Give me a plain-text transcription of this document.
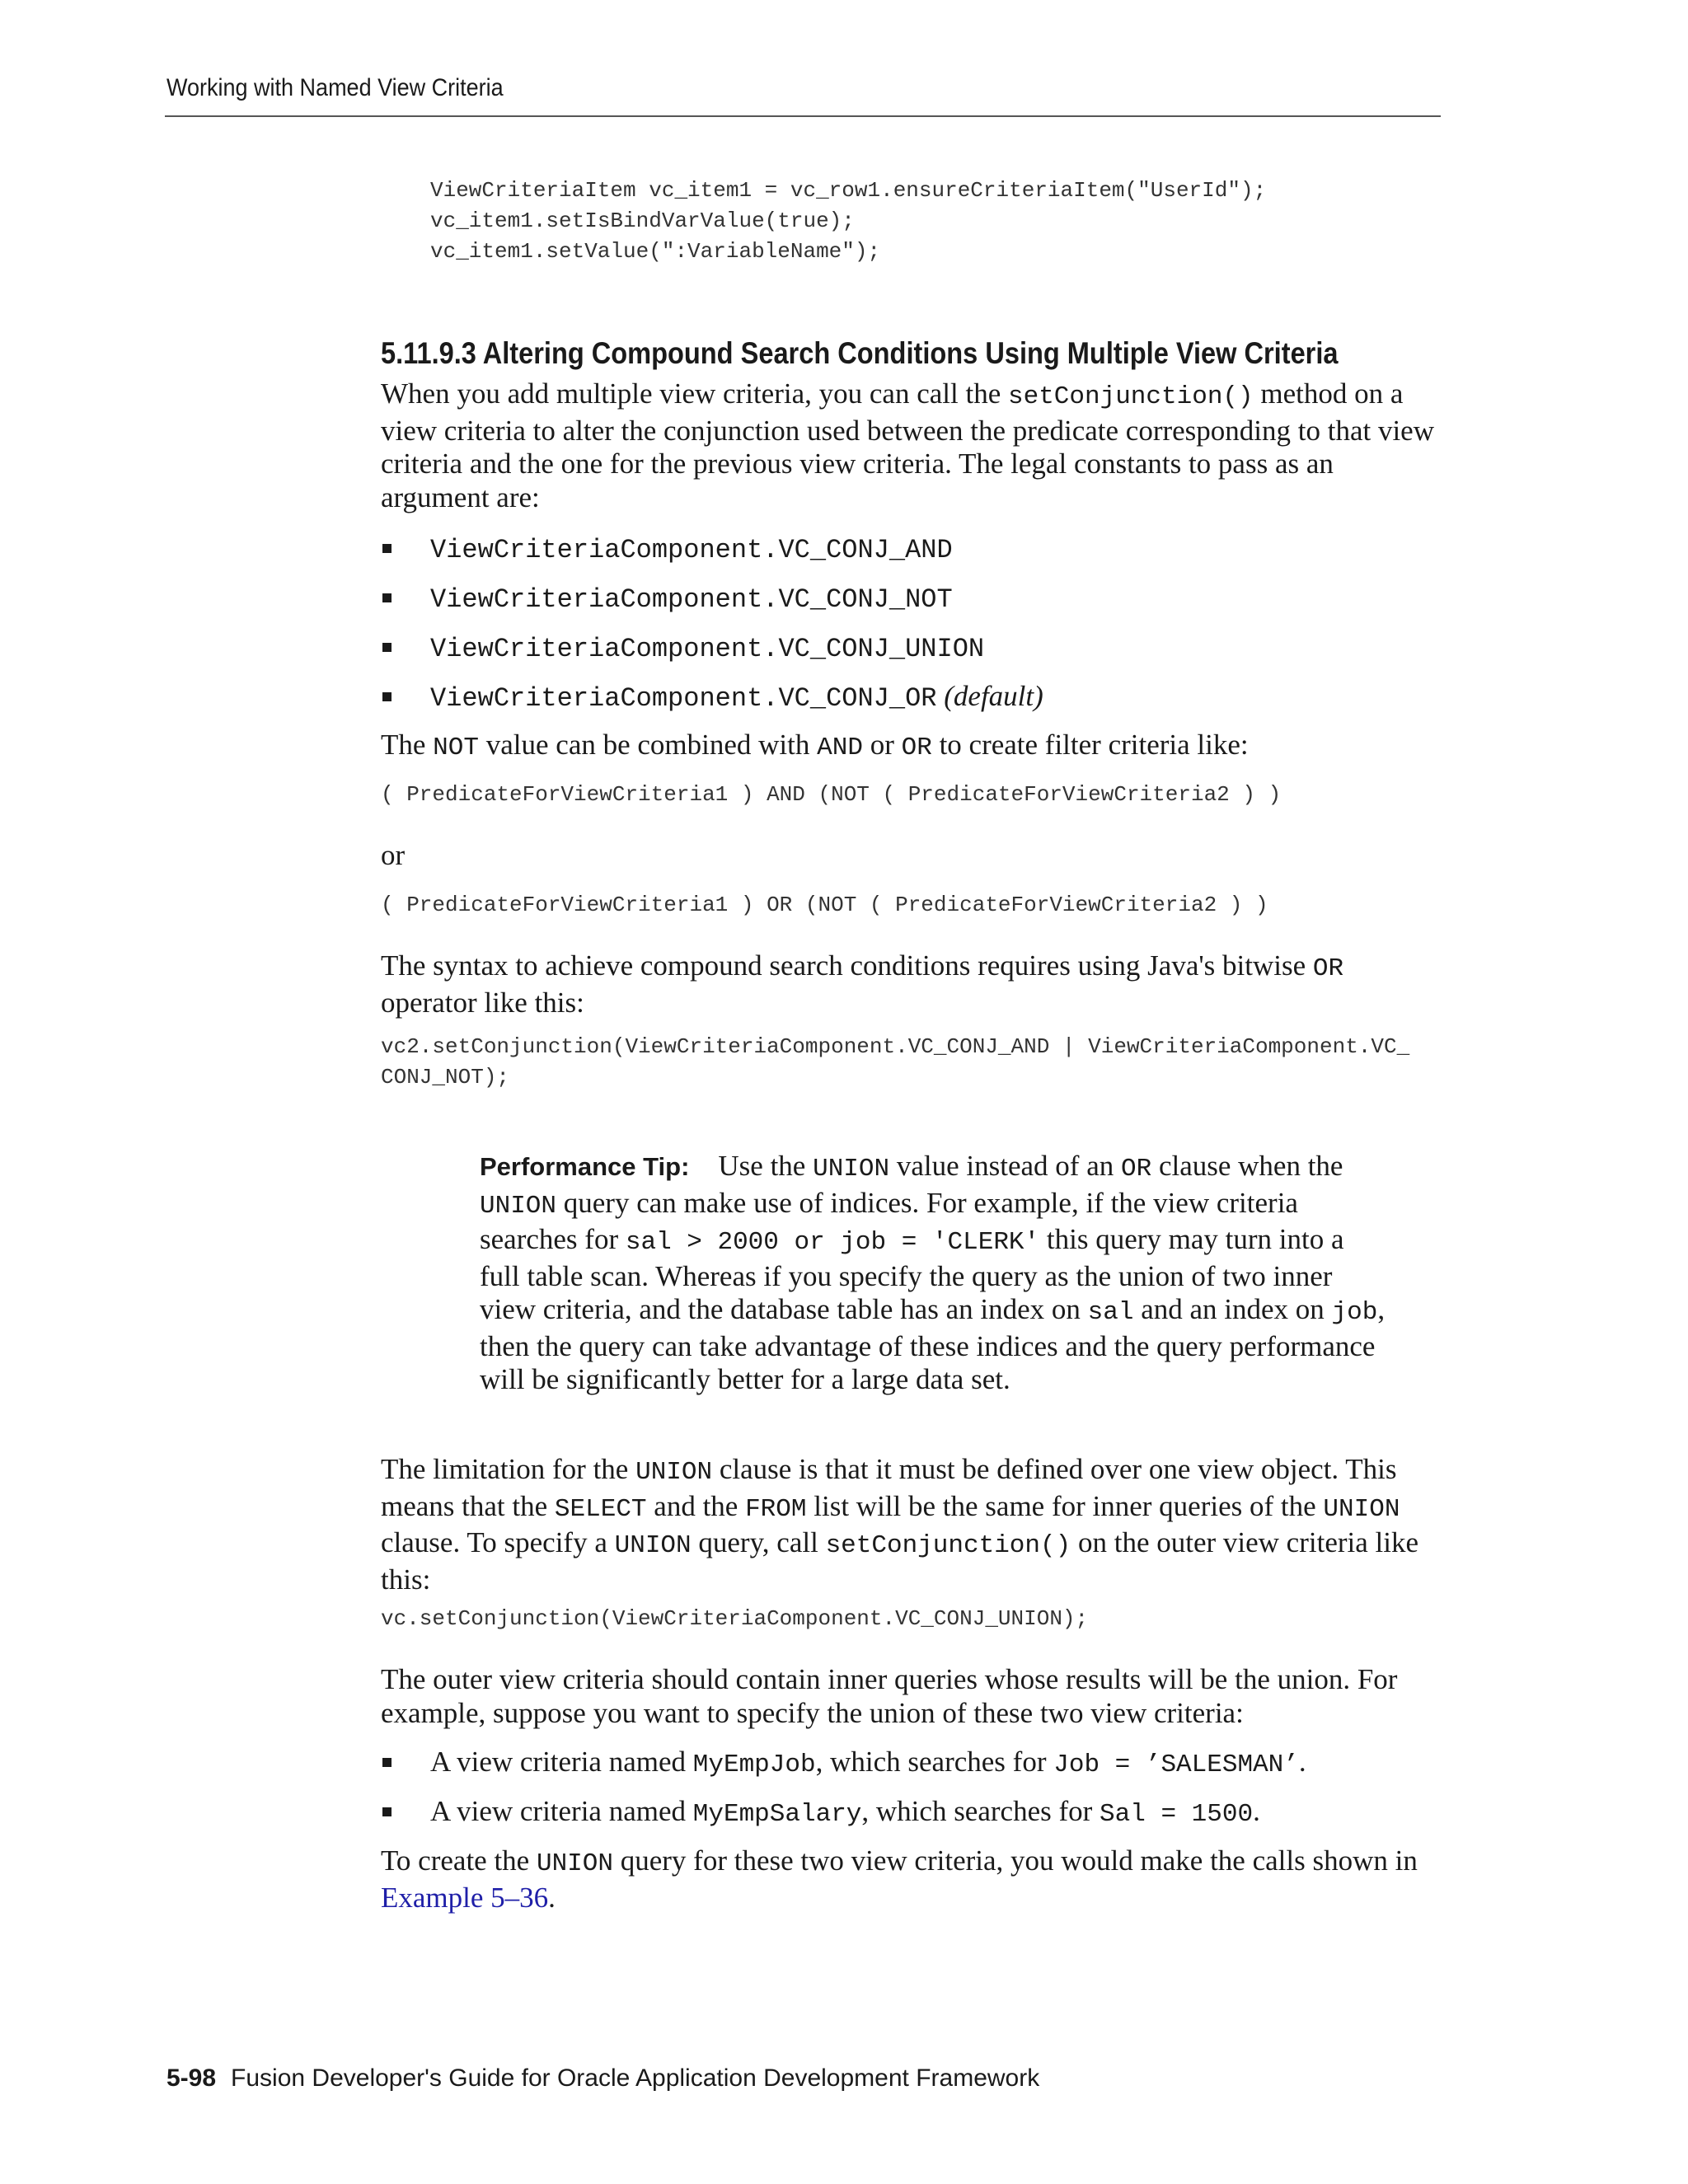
Working with Named View Criteria
ViewCriteriaItem vc_item1 = vc_row1.ensureCriteriaItem("UserId");
vc_item1.setIsBindVarValue(true);
vc_item1.setValue(":VariableName");
5.11.9.3 Altering Compound Search Conditions Using Multiple View Criteria

When you add multiple view criteria, you can call the setConjunction() method on a view criteria to alter the conjunction used between the predicate corresponding to that view criteria and the one for the previous view criteria. The legal constants to pass as an argument are:

ViewCriteriaComponent.VC_CONJ_AND
ViewCriteriaComponent.VC_CONJ_NOT
ViewCriteriaComponent.VC_CONJ_UNION
ViewCriteriaComponent.VC_CONJ_OR (default)

The NOT value can be combined with AND or OR to create filter criteria like:

( PredicateForViewCriteria1 ) AND (NOT ( PredicateForViewCriteria2 ) )

or

( PredicateForViewCriteria1 ) OR (NOT ( PredicateForViewCriteria2 ) )

The syntax to achieve compound search conditions requires using Java's bitwise OR operator like this:

vc2.setConjunction(ViewCriteriaComponent.VC_CONJ_AND | ViewCriteriaComponent.VC_
CONJ_NOT);

Performance Tip: Use the UNION value instead of an OR clause when the UNION query can make use of indices. For example, if the view criteria searches for sal > 2000 or job = 'CLERK' this query may turn into a full table scan. Whereas if you specify the query as the union of two inner view criteria, and the database table has an index on sal and an index on job, then the query can take advantage of these indices and the query performance will be significantly better for a large data set.

The limitation for the UNION clause is that it must be defined over one view object. This means that the SELECT and the FROM list will be the same for inner queries of the UNION clause. To specify a UNION query, call setConjunction() on the outer view criteria like this:

vc.setConjunction(ViewCriteriaComponent.VC_CONJ_UNION);

The outer view criteria should contain inner queries whose results will be the union. For example, suppose you want to specify the union of these two view criteria:

A view criteria named MyEmpJob, which searches for Job = ’SALESMAN’.
A view criteria named MyEmpSalary, which searches for Sal = 1500.

To create the UNION query for these two view criteria, you would make the calls shown in Example 5–36.

5-98 Fusion Developer's Guide for Oracle Application Development Framework
